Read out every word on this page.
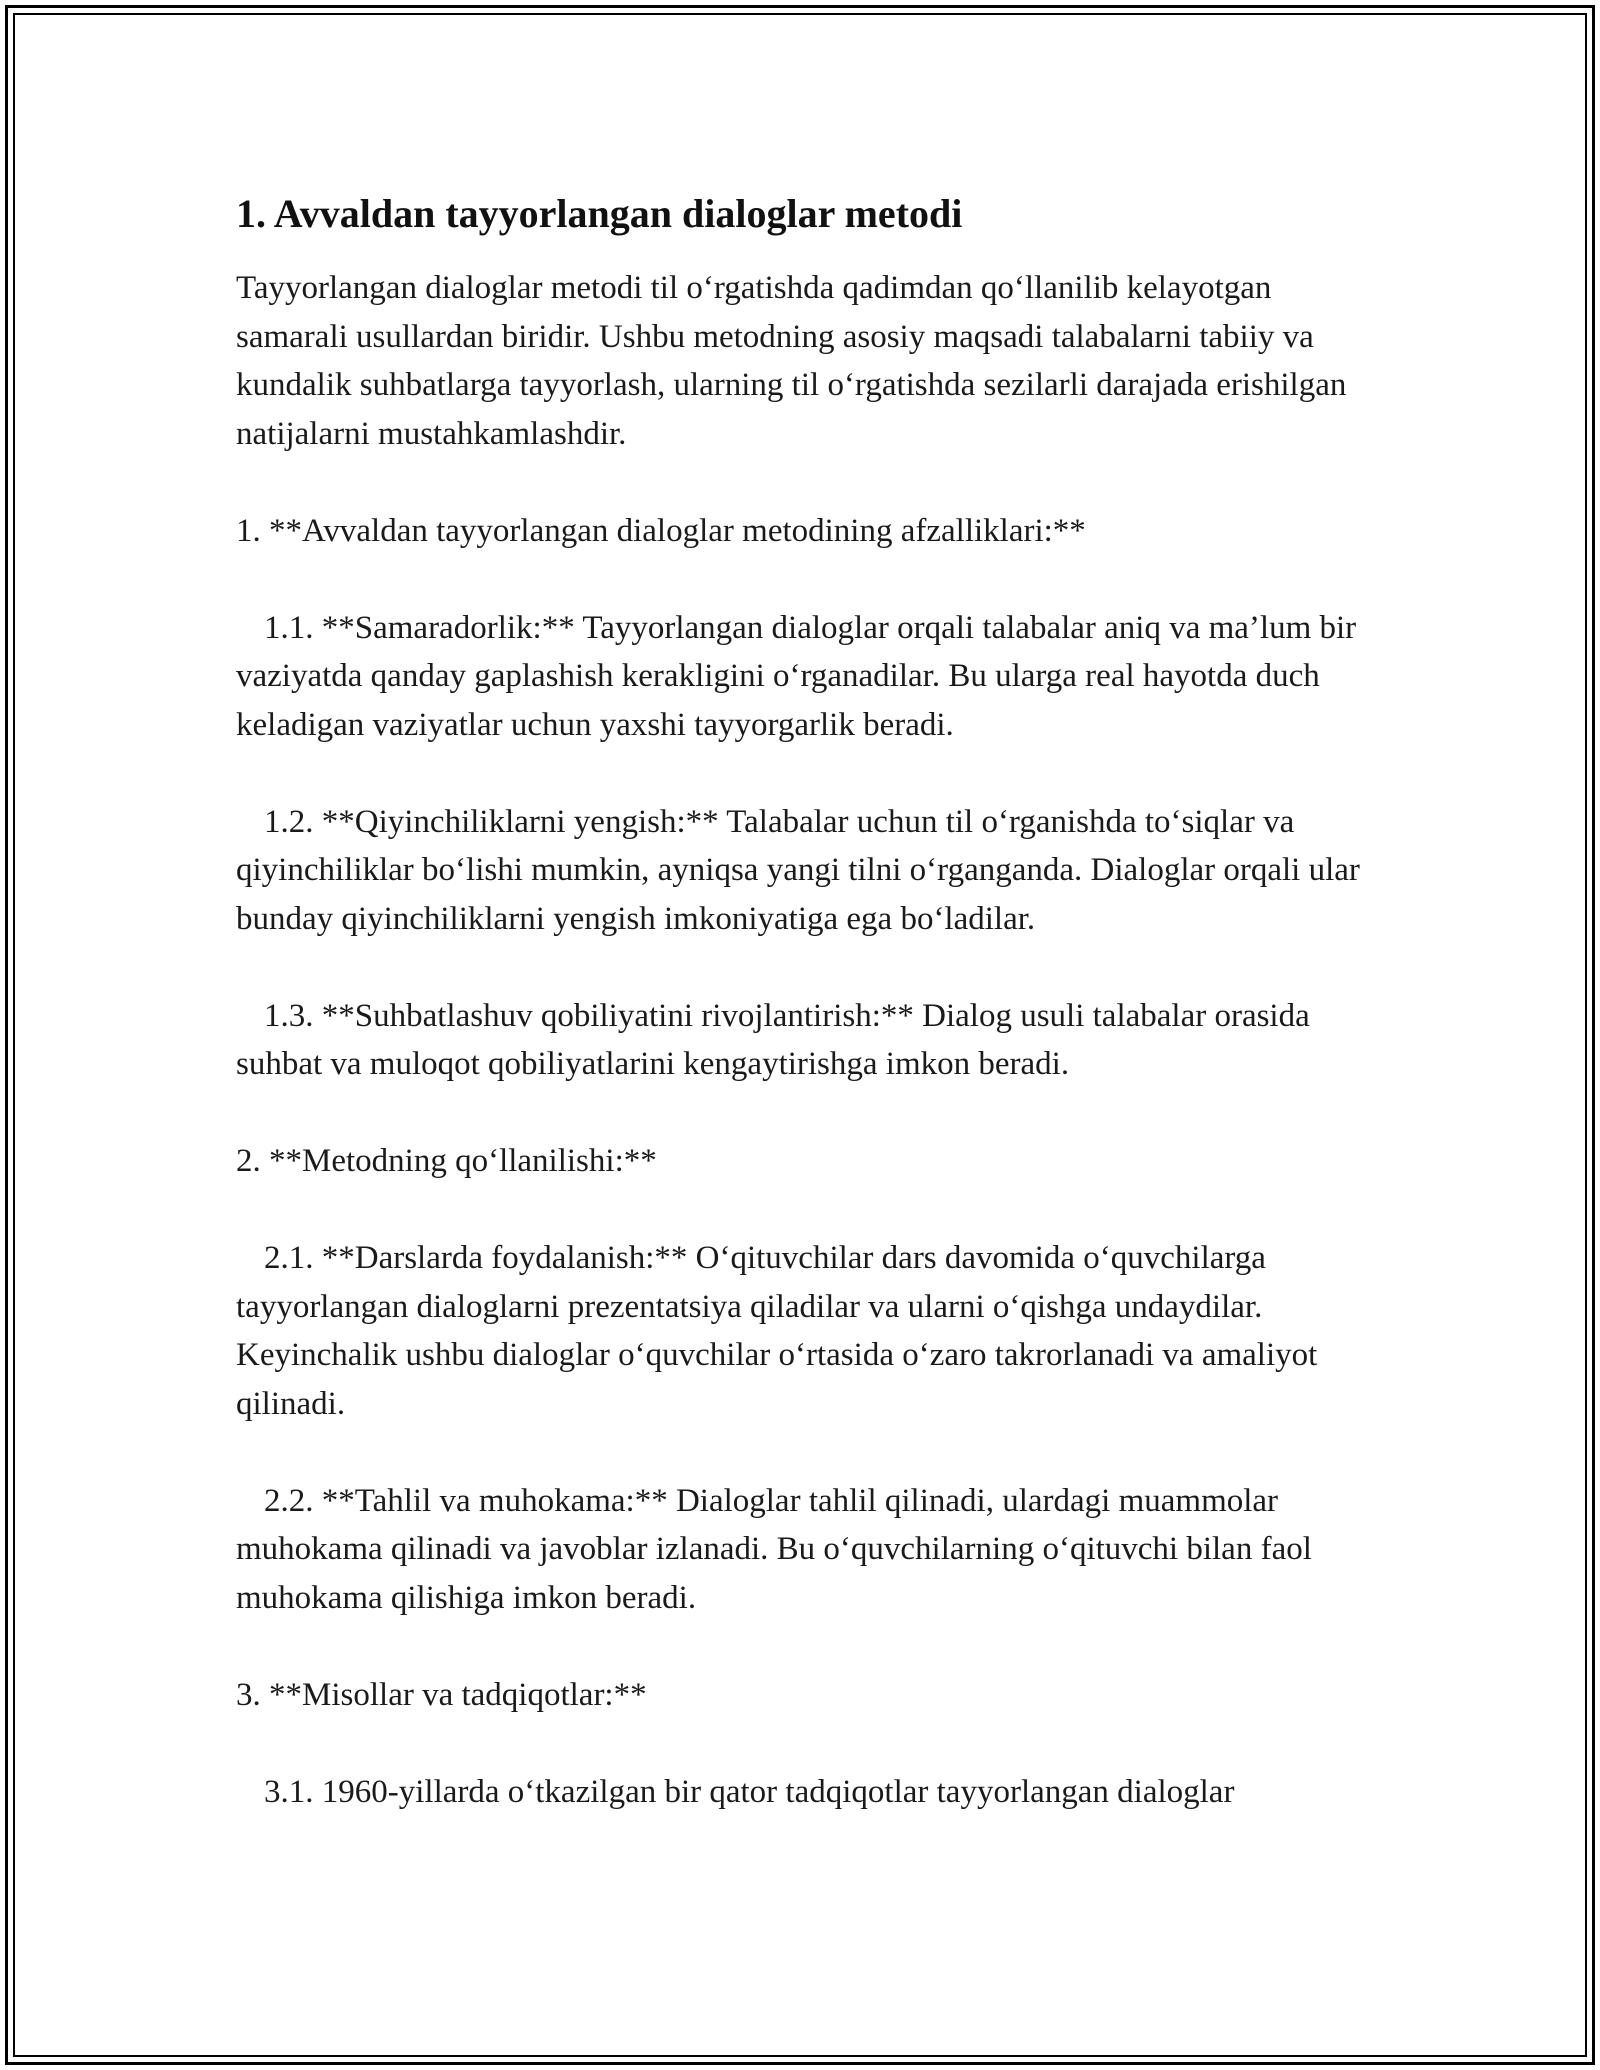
1. Avvaldan tayyorlangan dialoglar metodi

Tayyorlangan dialoglar metodi til o‘rgatishda qadimdan qo‘llanilib kelayotgan samarali usullardan biridir. Ushbu metodning asosiy maqsadi talabalarni tabiiy va kundalik suhbatlarga tayyorlash, ularning til o‘rgatishda sezilarli darajada erishilgan natijalarni mustahkamlashdir.

1. **Avvaldan tayyorlangan dialoglar metodining afzalliklari:**

1.1. **Samaradorlik:** Tayyorlangan dialoglar orqali talabalar aniq va ma’lum bir vaziyatda qanday gaplashish kerakligini o‘rganadilar. Bu ularga real hayotda duch keladigan vaziyatlar uchun yaxshi tayyorgarlik beradi.

1.2. **Qiyinchiliklarni yengish:** Talabalar uchun til o‘rganishda to‘siqlar va qiyinchiliklar bo‘lishi mumkin, ayniqsa yangi tilni o‘rganganda. Dialoglar orqali ular bunday qiyinchiliklarni yengish imkoniyatiga ega bo‘ladilar.

1.3. **Suhbatlashuv qobiliyatini rivojlantirish:** Dialog usuli talabalar orasida suhbat va muloqot qobiliyatlarini kengaytirishga imkon beradi.

2. **Metodning qo‘llanilishi:**

2.1. **Darslarda foydalanish:** O‘qituvchilar dars davomida o‘quvchilarga tayyorlangan dialoglarni prezentatsiya qiladilar va ularni o‘qishga undaydilar. Keyinchalik ushbu dialoglar o‘quvchilar o‘rtasida o‘zaro takrorlanadi va amaliyot qilinadi.

2.2. **Tahlil va muhokama:** Dialoglar tahlil qilinadi, ulardagi muammolar muhokama qilinadi va javoblar izlanadi. Bu o‘quvchilarning o‘qituvchi bilan faol muhokama qilishiga imkon beradi.

3. **Misollar va tadqiqotlar:**

3.1. 1960-yillarda o‘tkazilgan bir qator tadqiqotlar tayyorlangan dialoglar
